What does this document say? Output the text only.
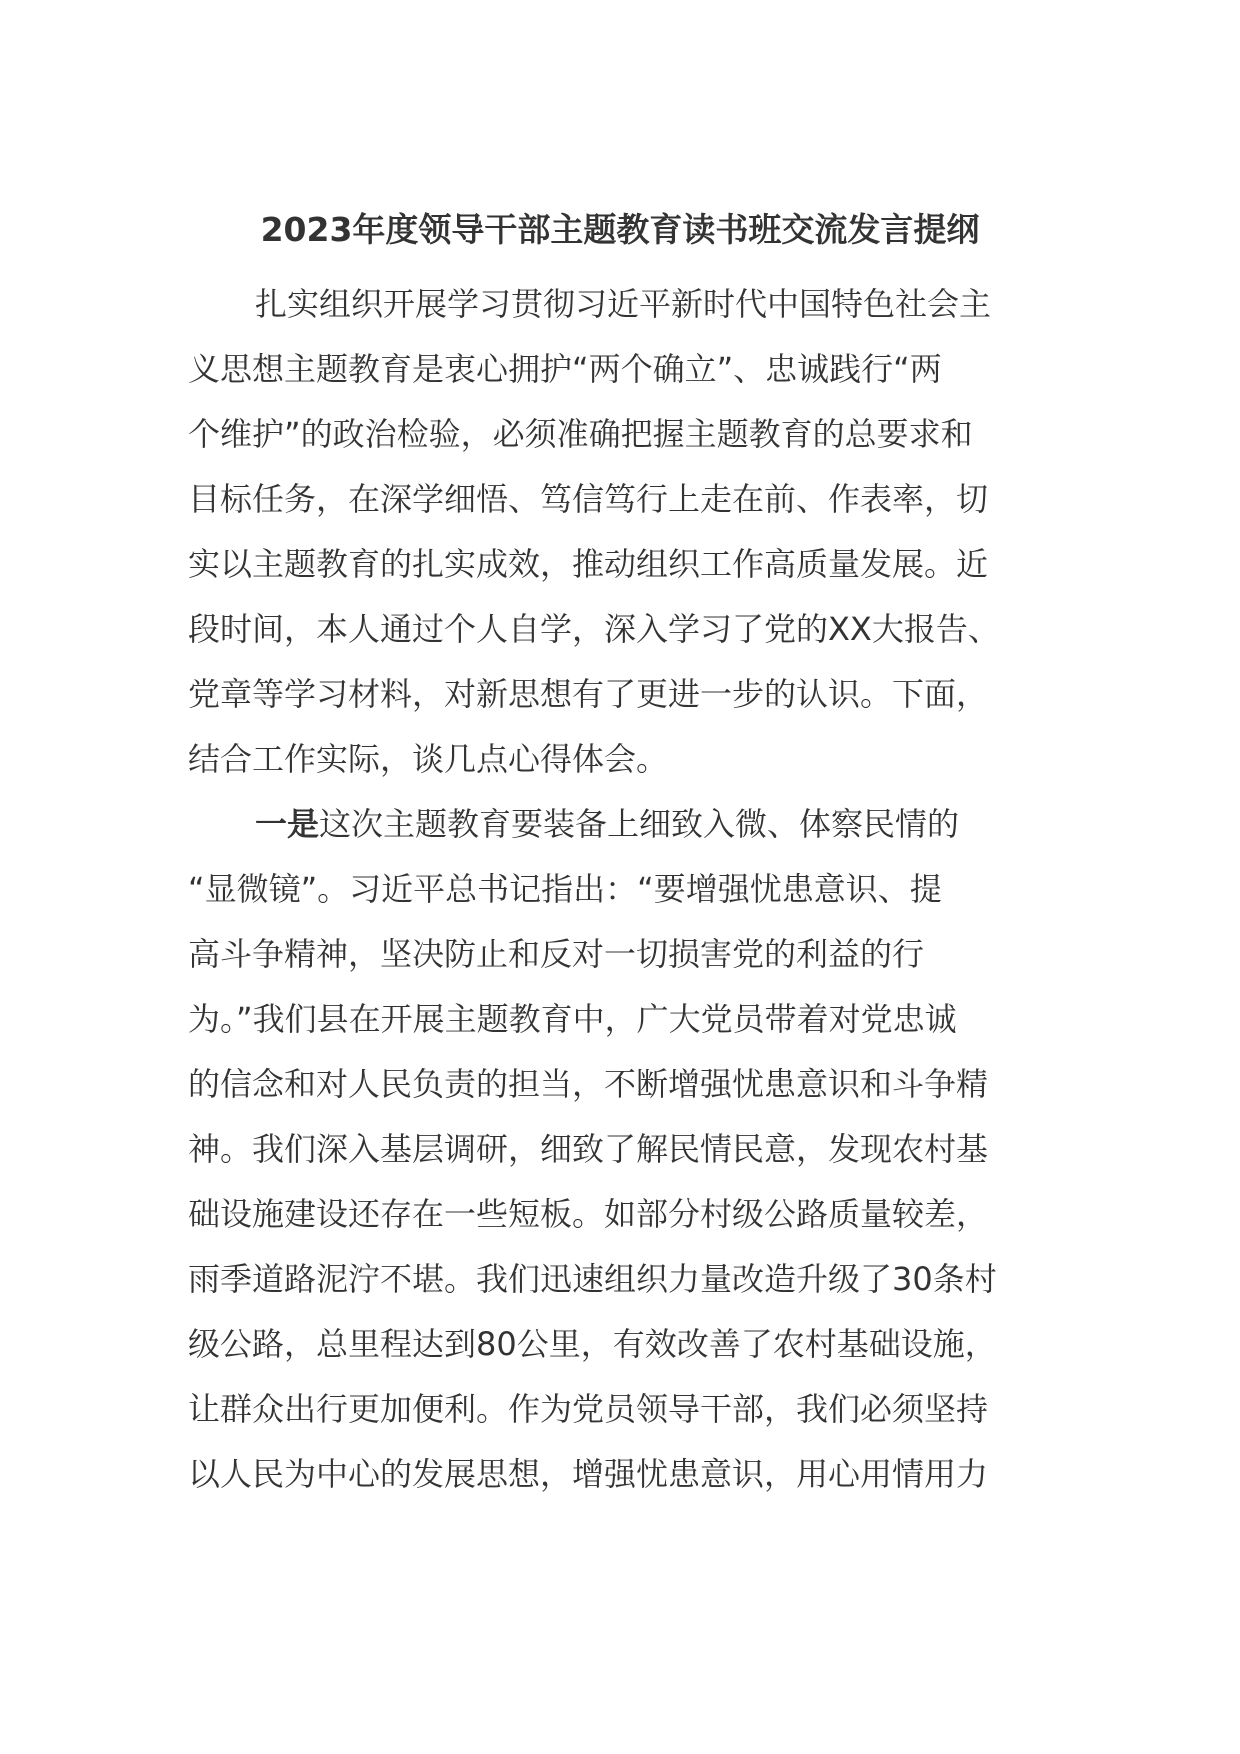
2023年度领导干部主题教育读书班交流发言提纲
扎实组织开展学习贯彻习近平新时代中国特色社会主
义思想主题教育是衷心拥护“两个确立”、忠诚践行“两
个维护”的政治检验，必须准确把握主题教育的总要求和
目标任务，在深学细悟、笃信笃行上走在前、作表率，切
实以主题教育的扎实成效，推动组织工作高质量发展。近
段时间，本人通过个人自学，深入学习了党的XX大报告、
党章等学习材料，对新思想有了更进一步的认识。下面，
结合工作实际，谈几点心得体会。
一是这次主题教育要装备上细致入微、体察民情的
“显微镜”。习近平总书记指出：“要增强忧患意识、提
高斗争精神，坚决防止和反对一切损害党的利益的行
为。”我们县在开展主题教育中，广大党员带着对党忠诚
的信念和对人民负责的担当，不断增强忧患意识和斗争精
神。我们深入基层调研，细致了解民情民意，发现农村基
础设施建设还存在一些短板。如部分村级公路质量较差，
雨季道路泥泞不堪。我们迅速组织力量改造升级了30条村
级公路，总里程达到80公里，有效改善了农村基础设施，
让群众出行更加便利。作为党员领导干部，我们必须坚持
以人民为中心的发展思想，增强忧患意识，用心用情用力
